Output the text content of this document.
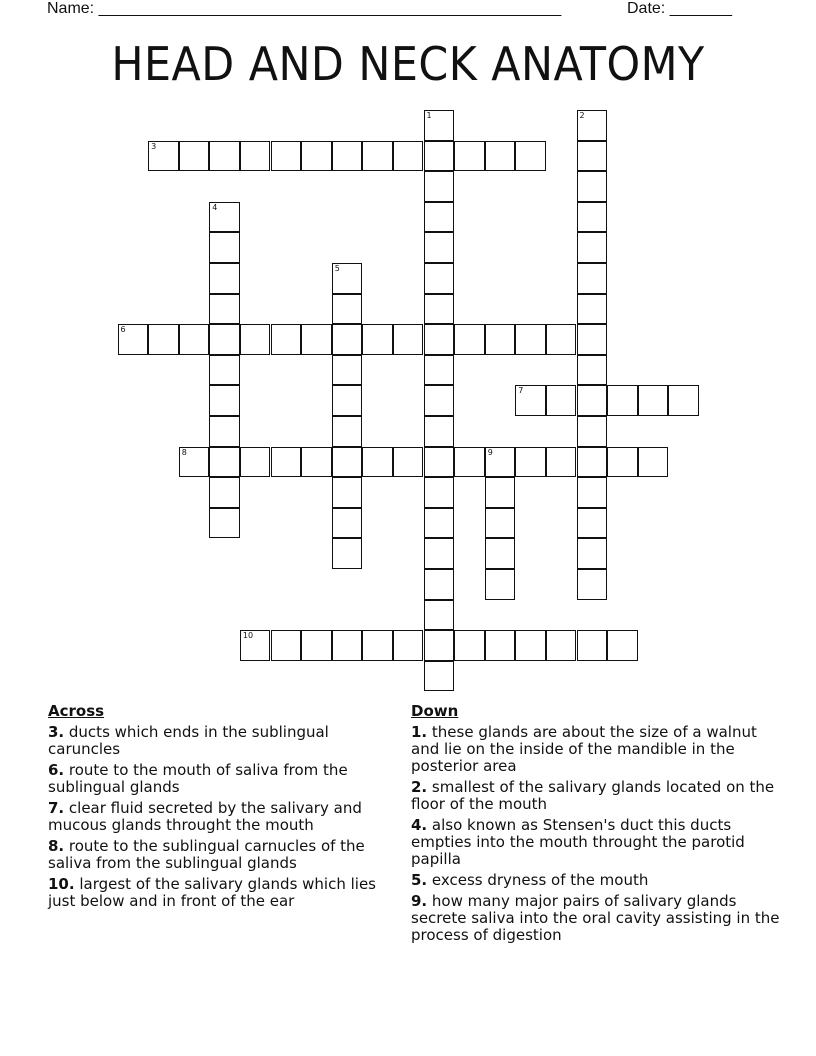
Name: ____________________________________________________	Date: _______
HEAD AND NECK ANATOMY
1	2
3
4
5
6
7
8	9
10
Across
3. ducts which ends in the sublingual caruncles
6. route to the mouth of saliva from the sublingual glands
7. clear fluid secreted by the salivary and mucous glands throught the mouth
8. route to the sublingual carnucles of the saliva from the sublingual glands
10. largest of the salivary glands which lies just below and in front of the ear
Down
1. these glands are about the size of a walnut and lie on the inside of the mandible in the posterior area
2. smallest of the salivary glands located on the floor of the mouth
4. also known as Stensen's duct this ducts empties into the mouth throught the parotid papilla
5. excess dryness of the mouth
9. how many major pairs of salivary glands secrete saliva into the oral cavity assisting in the process of digestion
